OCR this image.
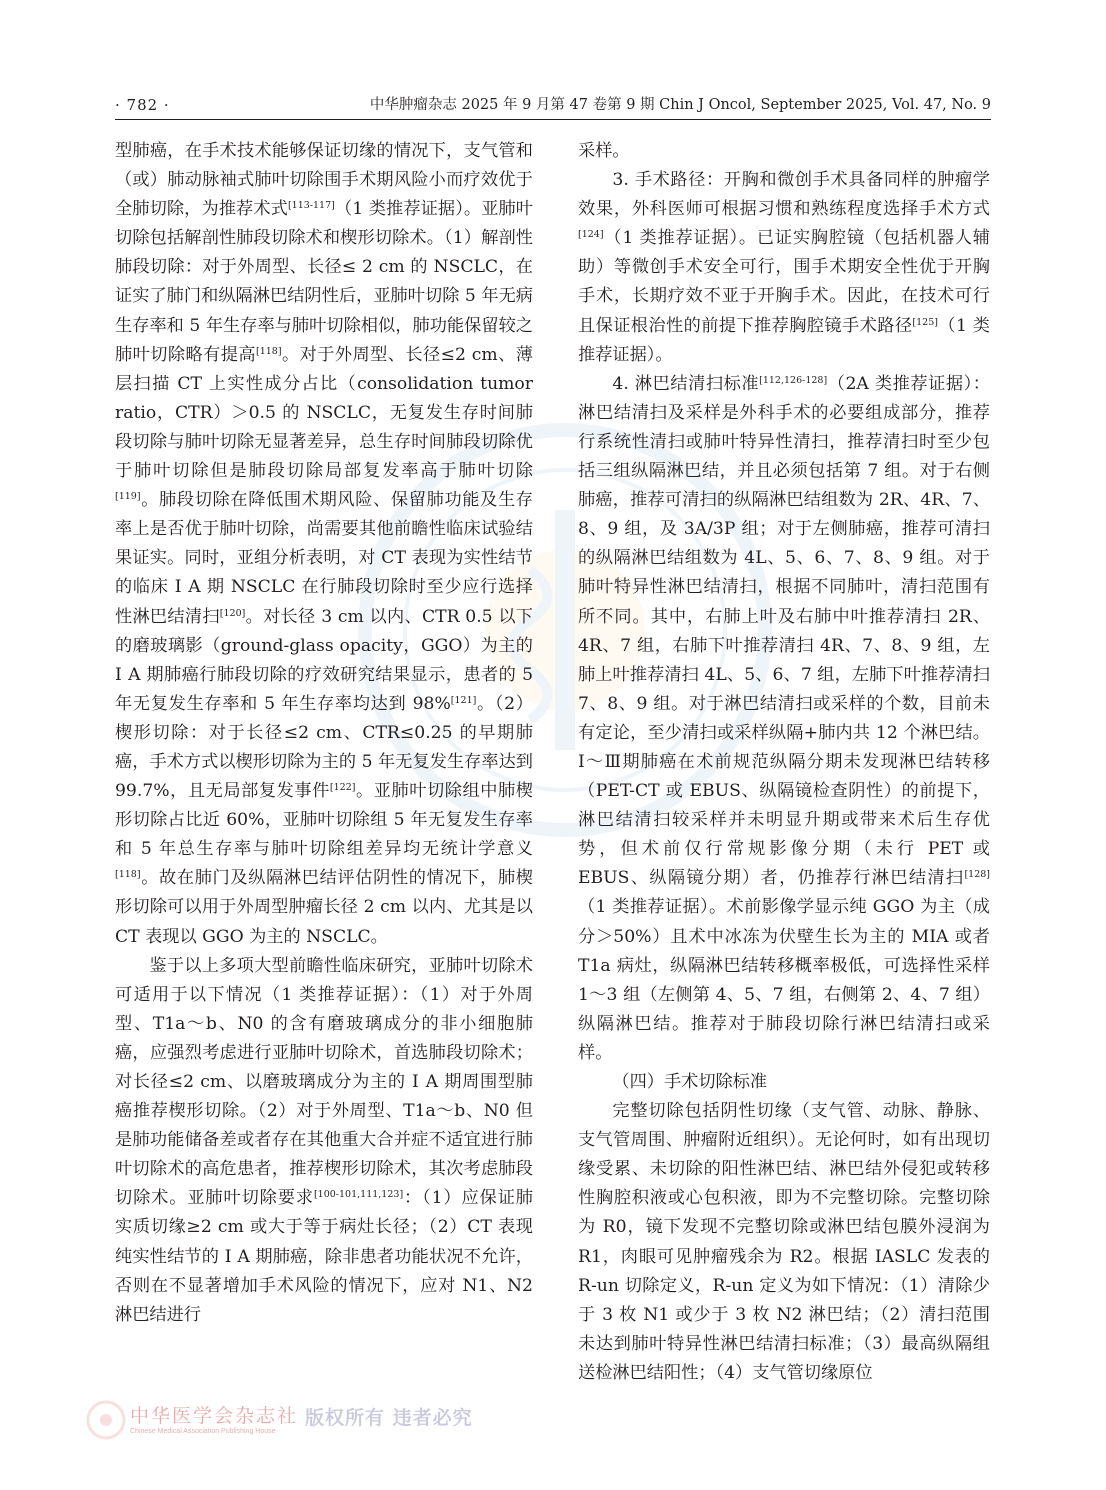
· 782 ·	中华肿瘤杂志 2025 年 9 月第 47 卷第 9 期 Chin J Oncol, September 2025, Vol. 47, No. 9

型肺癌，在手术技术能够保证切缘的情况下，支气管和（或）肺动脉袖式肺叶切除围手术期风险小而疗效优于全肺切除，为推荐术式[113-117]（1 类推荐证据）。亚肺叶切除包括解剖性肺段切除术和楔形切除术。（1）解剖性肺段切除：对于外周型、长径≤ 2 cm 的 NSCLC，在证实了肺门和纵隔淋巴结阴性后，亚肺叶切除 5 年无病生存率和 5 年生存率与肺叶切除相似，肺功能保留较之肺叶切除略有提高[118]。对于外周型、长径≤2 cm、薄层扫描 CT 上实性成分占比（consolidation tumor ratio，CTR）＞0.5 的 NSCLC，无复发生存时间肺段切除与肺叶切除无显著差异，总生存时间肺段切除优于肺叶切除但是肺段切除局部复发率高于肺叶切除[119]。肺段切除在降低围术期风险、保留肺功能及生存率上是否优于肺叶切除，尚需要其他前瞻性临床试验结果证实。同时，亚组分析表明，对 CT 表现为实性结节的临床 Ⅰ A 期 NSCLC 在行肺段切除时至少应行选择性淋巴结清扫[120]。对长径 3 cm 以内、CTR 0.5 以下的磨玻璃影（ground-glass opacity，GGO）为主的 Ⅰ A 期肺癌行肺段切除的疗效研究结果显示，患者的 5 年无复发生存率和 5 年生存率均达到 98%[121]。（2）楔形切除：对于长径≤2 cm、CTR≤0.25 的早期肺癌，手术方式以楔形切除为主的 5 年无复发生存率达到 99.7%，且无局部复发事件[122]。亚肺叶切除组中肺楔形切除占比近 60%，亚肺叶切除组 5 年无复发生存率和 5 年总生存率与肺叶切除组差异均无统计学意义[118]。故在肺门及纵隔淋巴结评估阴性的情况下，肺楔形切除可以用于外周型肿瘤长径 2 cm 以内、尤其是以 CT 表现以 GGO 为主的 NSCLC。

鉴于以上多项大型前瞻性临床研究，亚肺叶切除术可适用于以下情况（1 类推荐证据）：（1）对于外周型、T1a～b、N0 的含有磨玻璃成分的非小细胞肺癌，应强烈考虑进行亚肺叶切除术，首选肺段切除术；对长径≤2 cm、以磨玻璃成分为主的 Ⅰ A 期周围型肺癌推荐楔形切除。（2）对于外周型、T1a～b、N0 但是肺功能储备差或者存在其他重大合并症不适宜进行肺叶切除术的高危患者，推荐楔形切除术，其次考虑肺段切除术。亚肺叶切除要求[100-101,111,123]：（1）应保证肺实质切缘≥2 cm 或大于等于病灶长径；（2）CT 表现纯实性结节的 Ⅰ A 期肺癌，除非患者功能状况不允许，否则在不显著增加手术风险的情况下，应对 N1、N2 淋巴结进行

采样。

3. 手术路径：开胸和微创手术具备同样的肿瘤学效果，外科医师可根据习惯和熟练程度选择手术方式[124]（1 类推荐证据）。已证实胸腔镜（包括机器人辅助）等微创手术安全可行，围手术期安全性优于开胸手术，长期疗效不亚于开胸手术。因此，在技术可行且保证根治性的前提下推荐胸腔镜手术路径[125]（1 类推荐证据）。

4. 淋巴结清扫标准[112,126-128]（2A 类推荐证据）：淋巴结清扫及采样是外科手术的必要组成部分，推荐行系统性清扫或肺叶特异性清扫，推荐清扫时至少包括三组纵隔淋巴结，并且必须包括第 7 组。对于右侧肺癌，推荐可清扫的纵隔淋巴结组数为 2R、4R、7、8、9 组，及 3A/3P 组；对于左侧肺癌，推荐可清扫的纵隔淋巴结组数为 4L、5、6、7、8、9 组。对于肺叶特异性淋巴结清扫，根据不同肺叶，清扫范围有所不同。其中，右肺上叶及右肺中叶推荐清扫 2R、4R、7 组，右肺下叶推荐清扫 4R、7、8、9 组，左肺上叶推荐清扫 4L、5、6、7 组，左肺下叶推荐清扫 7、8、9 组。对于淋巴结清扫或采样的个数，目前未有定论，至少清扫或采样纵隔+肺内共 12 个淋巴结。 Ⅰ～Ⅲ期肺癌在术前规范纵隔分期未发现淋巴结转移（PET-CT 或 EBUS、纵隔镜检查阴性）的前提下，淋巴结清扫较采样并未明显升期或带来术后生存优势，但术前仅行常规影像分期（未行 PET 或 EBUS、纵隔镜分期）者，仍推荐行淋巴结清扫[128]（1 类推荐证据）。术前影像学显示纯 GGO 为主（成分＞50%）且术中冰冻为伏壁生长为主的 MIA 或者 T1a 病灶，纵隔淋巴结转移概率极低，可选择性采样 1～3 组（左侧第 4、5、7 组，右侧第 2、4、7 组）纵隔淋巴结。推荐对于肺段切除行淋巴结清扫或采样。

（四）手术切除标准

完整切除包括阴性切缘（支气管、动脉、静脉、支气管周围、肿瘤附近组织）。无论何时，如有出现切缘受累、未切除的阳性淋巴结、淋巴结外侵犯或转移性胸腔积液或心包积液，即为不完整切除。完整切除为 R0，镜下发现不完整切除或淋巴结包膜外浸润为 R1，肉眼可见肿瘤残余为 R2。根据 IASLC 发表的 R-un 切除定义，R-un 定义为如下情况：（1）清除少于 3 枚 N1 或少于 3 枚 N2 淋巴结；（2）清扫范围未达到肺叶特异性淋巴结清扫标准；（3）最高纵隔组送检淋巴结阳性；（4）支气管切缘原位

中华医学会杂志社
Chinese Medical Association Publishing House
版权所有 违者必究
